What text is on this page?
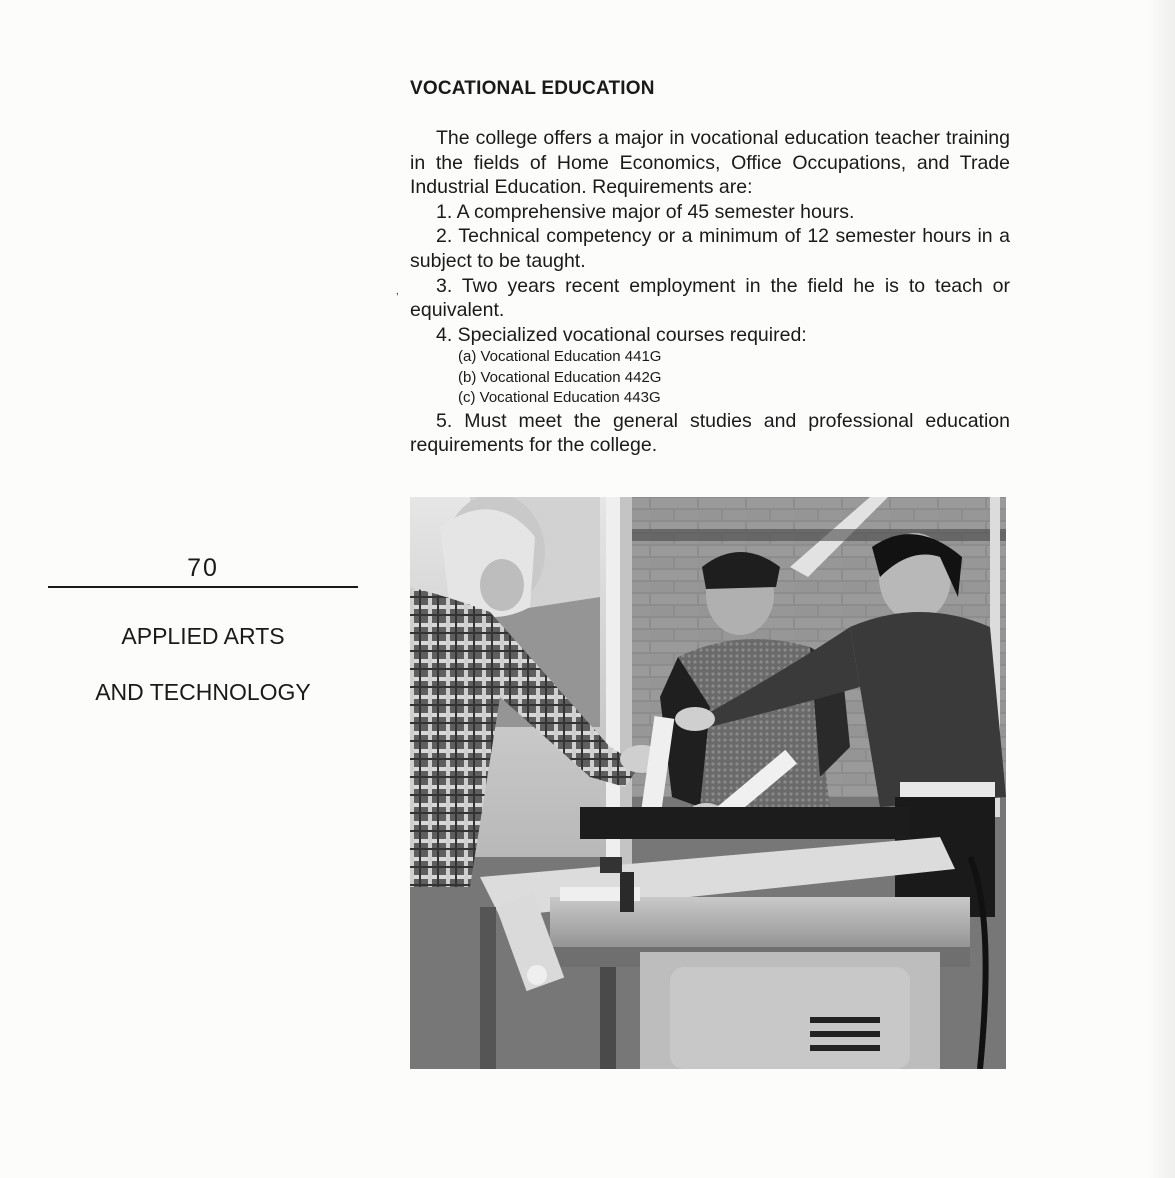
70

APPLIED ARTS

AND TECHNOLOGY

VOCATIONAL EDUCATION

The college offers a major in vocational education teacher training in the fields of Home Economics, Office Occupations, and Trade Industrial Education. Requirements are:

1. A comprehensive major of 45 semester hours.

2. Technical competency or a minimum of 12 semester hours in a subject to be taught.

3. Two years recent employment in the field he is to teach or equivalent.

4. Specialized vocational courses required:

(a) Vocational Education 441G
(b) Vocational Education 442G
(c) Vocational Education 443G

5. Must meet the general studies and professional education requirements for the college.

‚
